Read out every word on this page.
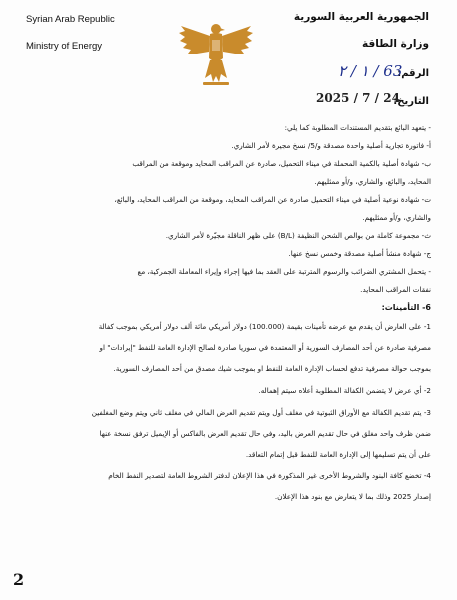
Syrian Arab Republic
Ministry of Energy
الجمهورية العربية السورية
وزارة الطاقة
الرقم:
١ / ٢ / 63
التاريخ:
2025 / 7 / 24
- يتعهد البائع بتقديم المستندات المطلوبة كما يلي:
أ- فاتورة تجارية أصلية واحدة مصدقة و/5/ نسخ مجيرة لأمر الشاري.
ب- شهادة أصلية بالكمية المحملة في ميناء التحميل، صادرة عن المراقب المحايد وموقعة من المراقب
المحايد، والبائع، والشاري، و/أو ممثليهم.
ت- شهادة نوعية أصلية في ميناء التحميل صادرة عن المراقب المحايد، وموقعة من المراقب المحايد، والبائع،
والشاري، و/أو ممثليهم.
ث- مجموعة كاملة من بوالص الشحن النظيفة (B/L) على ظهر الناقلة مجيّرة لأمر الشاري.
ج- شهادة منشأ أصلية مصدقة وخمس نسخ عنها.
- يتحمل المشتري الضرائب والرسوم المترتبة على العقد بما فيها إجراء وإيراء المعاملة الجمركية، مع
نفقات المراقب المحايد.
6- التأمينات:
1- على العارض أن يقدم مع عرضه تأمينات بقيمة (100.000) دولار أمريكي مائة ألف دولار أمريكي بموجب كفالة
مصرفية صادرة عن أحد المصارف السورية أو المعتمدة في سوريا صادرة لصالح الإدارة العامة للنفط "إيرادات" او
بموجب حوالة مصرفية تدفع لحساب الإدارة العامة للنفط او بموجب شيك مصدق من أحد المصارف السورية.
2- أي عرض لا يتضمن الكفالة المطلوبة أعلاه سيتم إهماله.
3- يتم تقديم الكفالة مع الأوراق الثبوتية في مغلف أول ويتم تقديم العرض المالي في مغلف ثاني ويتم وضع المغلفين
ضمن ظرف واحد مغلق في حال تقديم العرض باليد، وفي حال تقديم العرض بالفاكس أو الإيميل ترفق نسخة عنها
على أن يتم تسليمها إلى الإدارة العامة للنفط قبل إتمام التعاقد.
4- تخضع كافة البنود والشروط الأخرى غير المذكورة في هذا الإعلان لدفتر الشروط العامة لتصدير النفط الخام
إصدار 2025 وذلك بما لا يتعارض مع بنود هذا الإعلان.
2
